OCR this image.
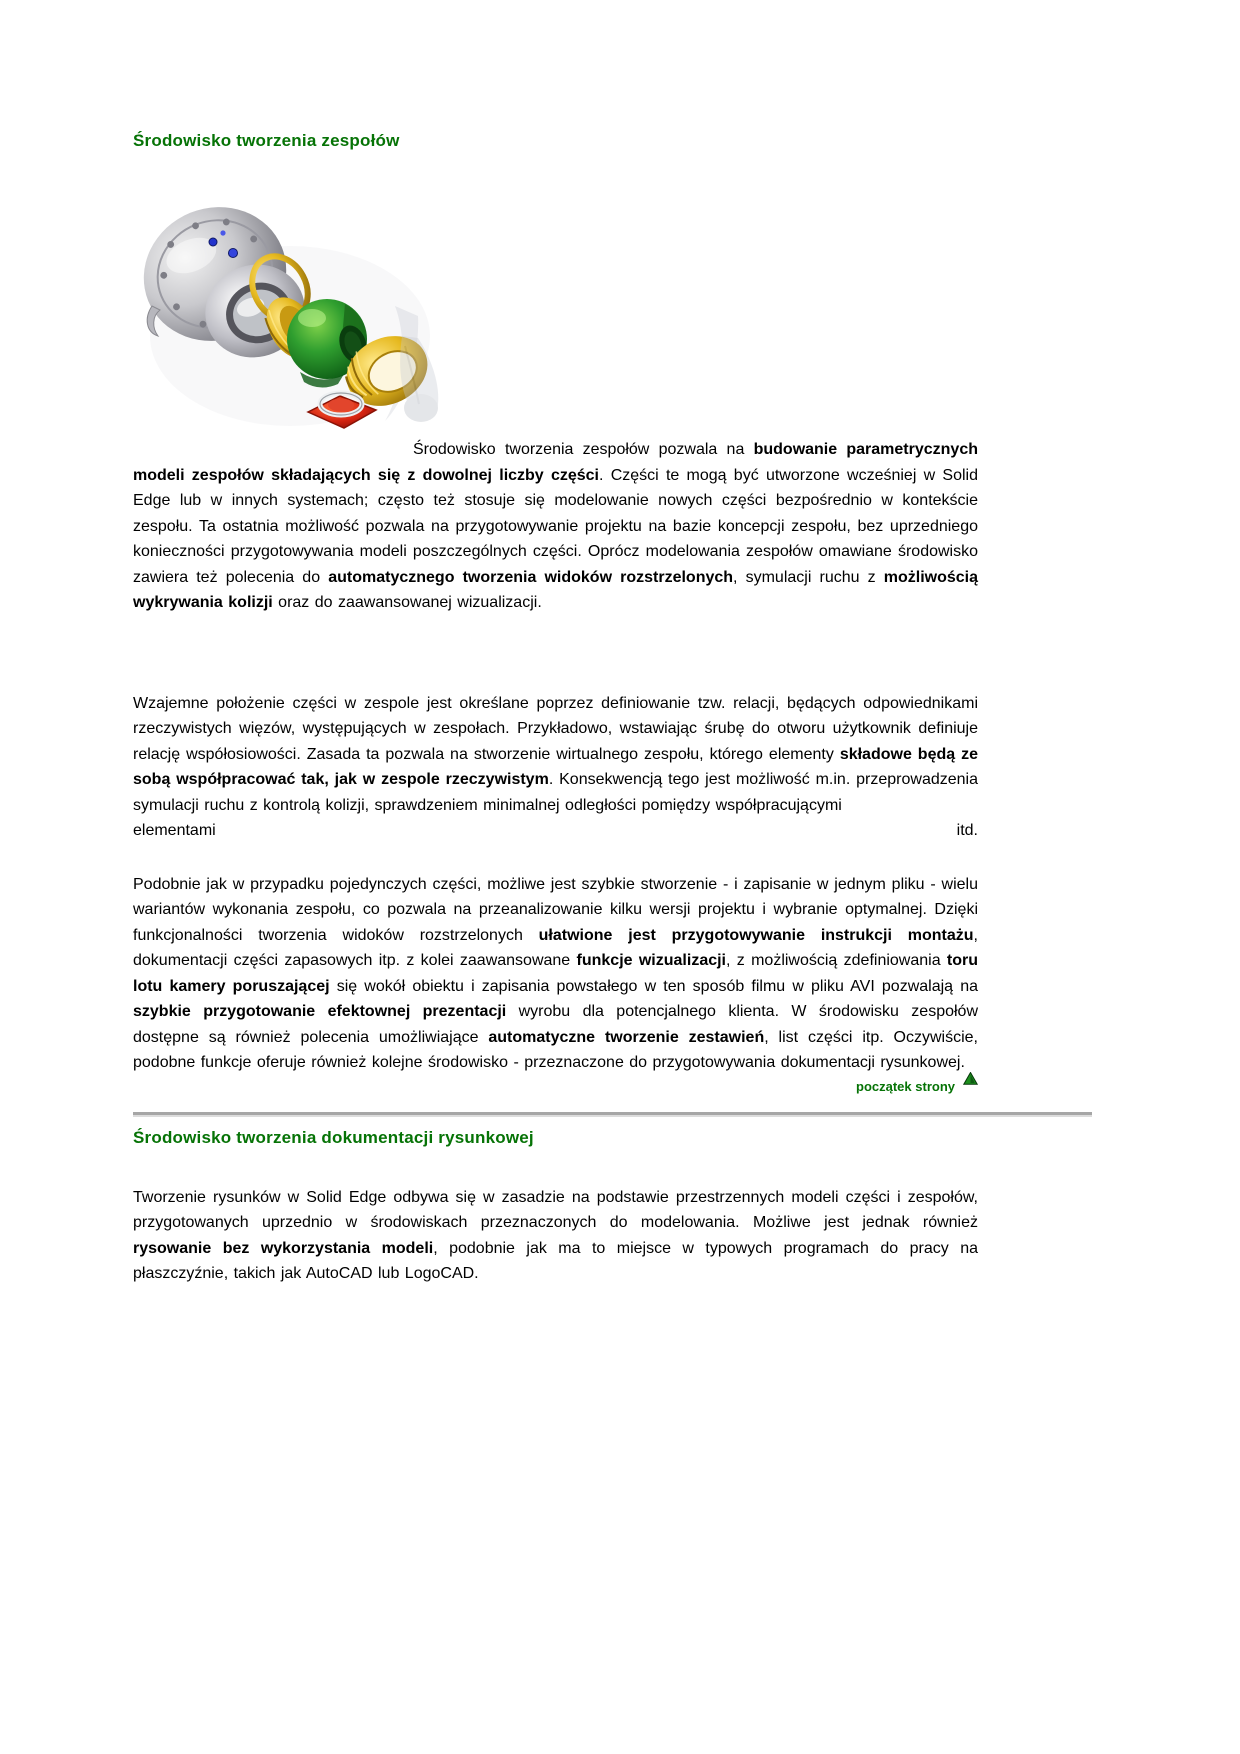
Środowisko tworzenia zespołów

Środowisko tworzenia zespołów pozwala na budowanie parametrycznych modeli zespołów składających się z dowolnej liczby części. Części te mogą być utworzone wcześniej w Solid Edge lub w innych systemach; często też stosuje się modelowanie nowych części bezpośrednio w kontekście zespołu. Ta ostatnia możliwość pozwala na przygotowywanie projektu na bazie koncepcji zespołu, bez uprzedniego konieczności przygotowywania modeli poszczególnych części. Oprócz modelowania zespołów omawiane środowisko zawiera też polecenia do automatycznego tworzenia widoków rozstrzelonych, symulacji ruchu z możliwością wykrywania kolizji oraz do zaawansowanej wizualizacji.

Wzajemne położenie części w zespole jest określane poprzez definiowanie tzw. relacji, będących odpowiednikami rzeczywistych więzów, występujących w zespołach. Przykładowo, wstawiając śrubę do otworu użytkownik definiuje relację współosiowości. Zasada ta pozwala na stworzenie wirtualnego zespołu, którego elementy składowe będą ze sobą współpracować tak, jak w zespole rzeczywistym. Konsekwencją tego jest możliwość m.in. przeprowadzenia symulacji ruchu z kontrolą kolizji, sprawdzeniem minimalnej odległości pomiędzy współpracującymi

elementami	itd.

Podobnie jak w przypadku pojedynczych części, możliwe jest szybkie stworzenie - i zapisanie w jednym pliku - wielu wariantów wykonania zespołu, co pozwala na przeanalizowanie kilku wersji projektu i wybranie optymalnej. Dzięki funkcjonalności tworzenia widoków rozstrzelonych ułatwione jest przygotowywanie instrukcji montażu, dokumentacji części zapasowych itp. z kolei zaawansowane funkcje wizualizacji, z możliwością zdefiniowania toru lotu kamery poruszającej się wokół obiektu i zapisania powstałego w ten sposób filmu w pliku AVI pozwalają na szybkie przygotowanie efektownej prezentacji wyrobu dla potencjalnego klienta. W środowisku zespołów dostępne są również polecenia umożliwiające automatyczne tworzenie zestawień, list części itp. Oczywiście, podobne funkcje oferuje również kolejne środowisko - przeznaczone do przygotowywania dokumentacji rysunkowej.

początek strony
Środowisko tworzenia dokumentacji rysunkowej

Tworzenie rysunków w Solid Edge odbywa się w zasadzie na podstawie przestrzennych modeli części i zespołów, przygotowanych uprzednio w środowiskach przeznaczonych do modelowania. Możliwe jest jednak również rysowanie bez wykorzystania modeli, podobnie jak ma to miejsce w typowych programach do pracy na płaszczyźnie, takich jak AutoCAD lub LogoCAD.
